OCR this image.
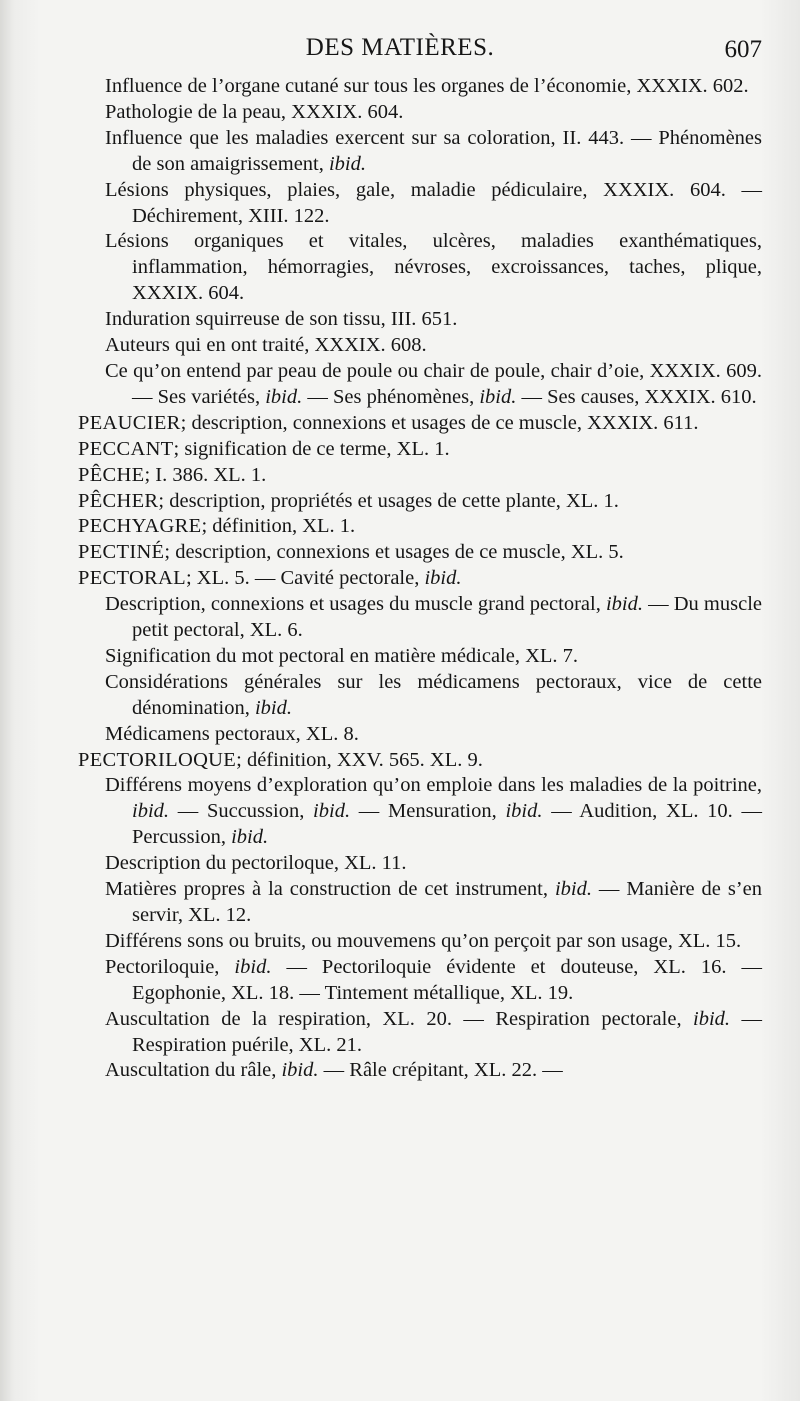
DES MATIÈRES.	607
Influence de l’organe cutané sur tous les organes de l’économie, XXXIX. 602.
Pathologie de la peau, XXXIX. 604.
Influence que les maladies exercent sur sa coloration, II. 443. — Phénomènes de son amaigrissement, ibid.
Lésions physiques, plaies, gale, maladie pédiculaire, XXXIX. 604. — Déchirement, XIII. 122.
Lésions organiques et vitales, ulcères, maladies exanthématiques, inflammation, hémorragies, névroses, excroissances, taches, plique, XXXIX. 604.
Induration squirreuse de son tissu, III. 651.
Auteurs qui en ont traité, XXXIX. 608.
Ce qu’on entend par peau de poule ou chair de poule, chair d’oie, XXXIX. 609. — Ses variétés, ibid. — Ses phénomènes, ibid. — Ses causes, XXXIX. 610.
PEAUCIER; description, connexions et usages de ce muscle, XXXIX. 611.
PECCANT; signification de ce terme, XL. 1.
PÊCHE; I. 386. XL. 1.
PÊCHER; description, propriétés et usages de cette plante, XL. 1.
PECHYAGRE; définition, XL. 1.
PECTINÉ; description, connexions et usages de ce muscle, XL. 5.
PECTORAL; XL. 5. — Cavité pectorale, ibid.
Description, connexions et usages du muscle grand pectoral, ibid. — Du muscle petit pectoral, XL. 6.
Signification du mot pectoral en matière médicale, XL. 7.
Considérations générales sur les médicamens pectoraux, vice de cette dénomination, ibid.
Médicamens pectoraux, XL. 8.
PECTORILOQUE; définition, XXV. 565. XL. 9.
Différens moyens d’exploration qu’on emploie dans les maladies de la poitrine, ibid. — Succussion, ibid. — Mensuration, ibid. — Audition, XL. 10. — Percussion, ibid.
Description du pectoriloque, XL. 11.
Matières propres à la construction de cet instrument, ibid. — Manière de s’en servir, XL. 12.
Différens sons ou bruits, ou mouvemens qu’on perçoit par son usage, XL. 15.
Pectoriloquie, ibid. — Pectoriloquie évidente et douteuse, XL. 16. — Egophonie, XL. 18. — Tintement métallique, XL. 19.
Auscultation de la respiration, XL. 20. — Respiration pectorale, ibid. — Respiration puérile, XL. 21.
Auscultation du râle, ibid. — Râle crépitant, XL. 22. —
